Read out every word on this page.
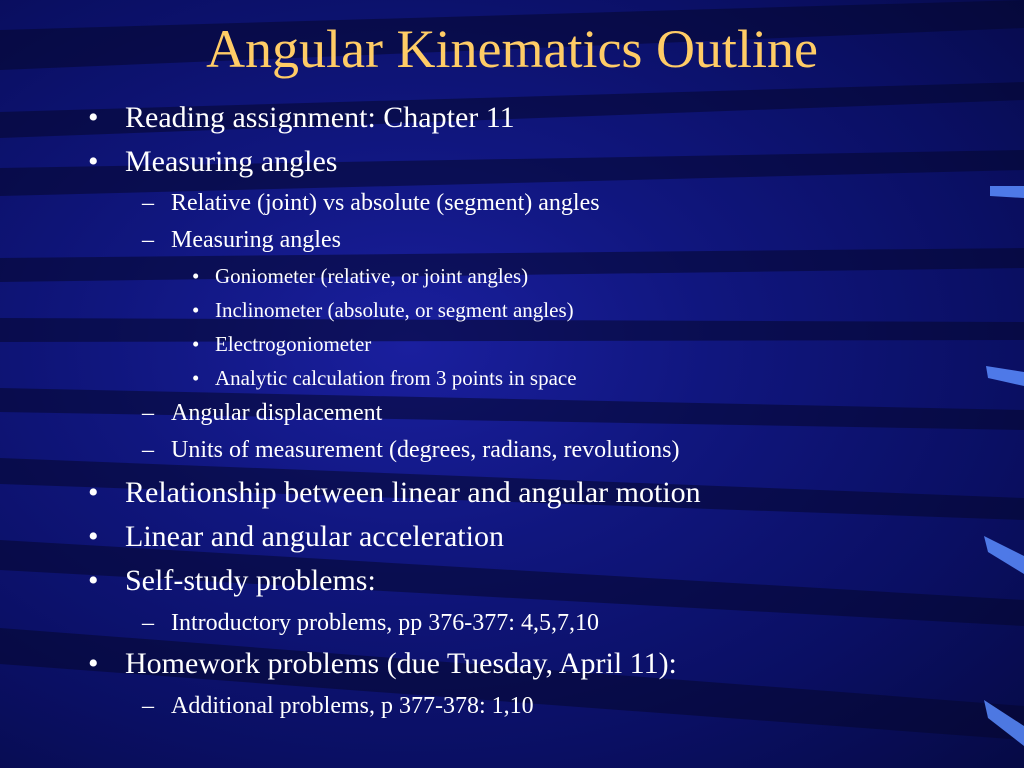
Angular Kinematics Outline
• Reading assignment: Chapter 11
• Measuring angles
– Relative (joint) vs absolute (segment) angles
– Measuring angles
• Goniometer (relative, or joint angles)
• Inclinometer (absolute, or segment angles)
• Electrogoniometer
• Analytic calculation from 3 points in space
– Angular displacement
– Units of measurement (degrees, radians, revolutions)
• Relationship between linear and angular motion
• Linear and angular acceleration
• Self-study problems:
– Introductory problems, pp 376-377: 4,5,7,10
• Homework problems (due Tuesday, April 11):
– Additional problems, p 377-378: 1,10
